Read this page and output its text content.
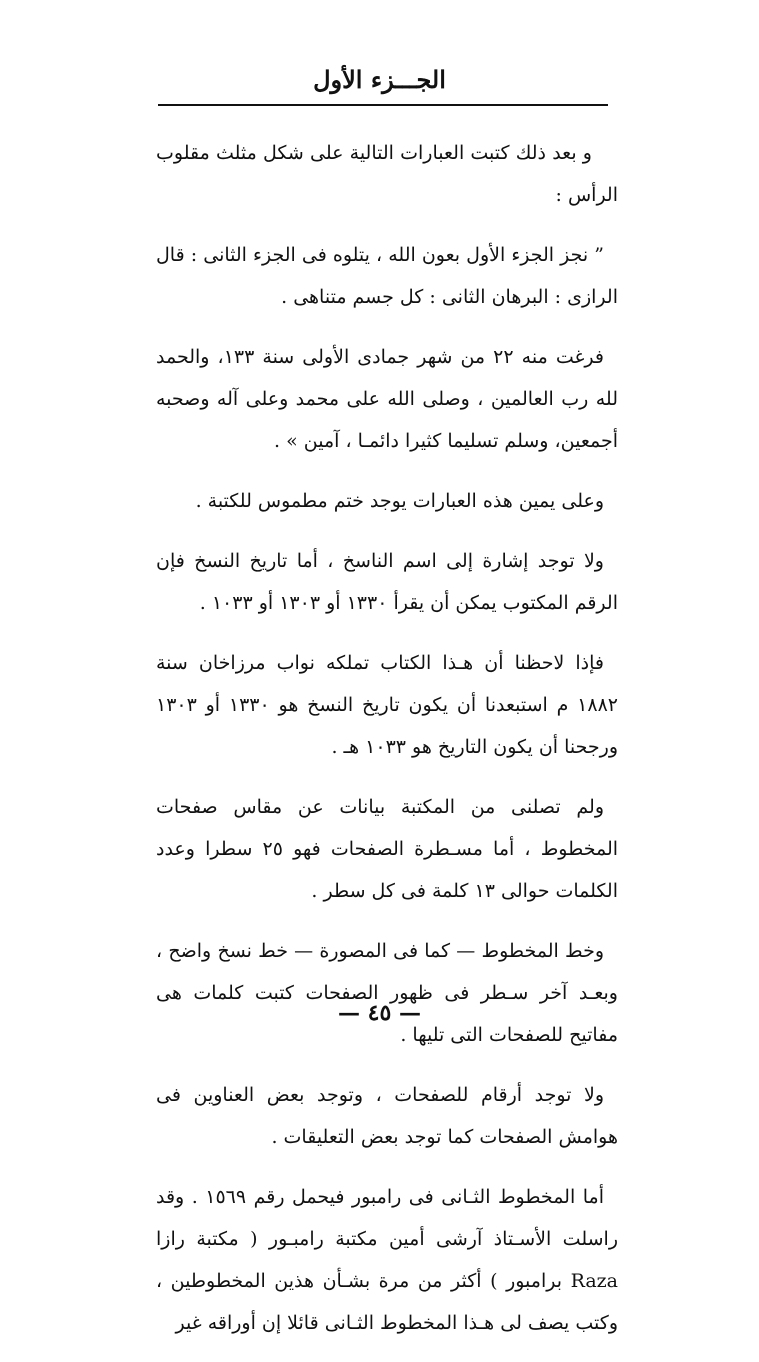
الجـــزء الأول

و بعد ذلك كتبت العبارات التالية على شكل مثلث مقلوب الرأس :

” نجز الجزء الأول بعون الله ، يتلوه فى الجزء الثانى : قال الرازى : البرهان الثانى : كل جسم متناهى .

فرغت منه ٢٢ من شهر جمادى الأولى سنة ١٣٣، والحمد لله رب العالمين ، وصلى الله على محمد وعلى آله وصحبه أجمعين، وسلم تسليما كثيرا دائمـا ، آمين » .

وعلى يمين هذه العبارات يوجد ختم مطموس للكتبة .

ولا توجد إشارة إلى اسم الناسخ ، أما تاريخ النسخ فإن الرقم المكتوب يمكن أن يقرأ ١٣٣٠ أو ١٣٠٣ أو ١٠٣٣ .

فإذا لاحظنا أن هـذا الكتاب تملكه نواب مرزاخان سنة ١٨٨٢ م استبعدنا أن يكون تاريخ النسخ هو ١٣٣٠ أو ١٣٠٣ ورجحنا أن يكون التاريخ هو ١٠٣٣ هـ .

ولم تصلنى من المكتبة بيانات عن مقاس صفحات المخطوط ، أما مسـطرة الصفحات فهو ٢٥ سطرا وعدد الكلمات حوالى ١٣ كلمة فى كل سطر .

وخط المخطوط — كما فى المصورة — خط نسخ واضح ، وبعـد آخر سـطر فى ظهور الصفحات كتبت كلمات هى مفاتيح للصفحات التى تليها .

ولا توجد أرقام للصفحات ، وتوجد بعض العناوين فى هوامش الصفحات كما توجد بعض التعليقات .

أما المخطوط الثـانى فى رامبور فيحمل رقم ١٥٦٩ . وقد راسلت الأسـتاذ آرشى أمين مكتبة رامبـور ( مكتبة رازا Raza برامبور ) أكثر من مرة بشـأن هذين المخطوطين ، وكتب يصف لى هـذا المخطوط الثـانى قائلا إن أوراقه غير

— ٤٥ —
